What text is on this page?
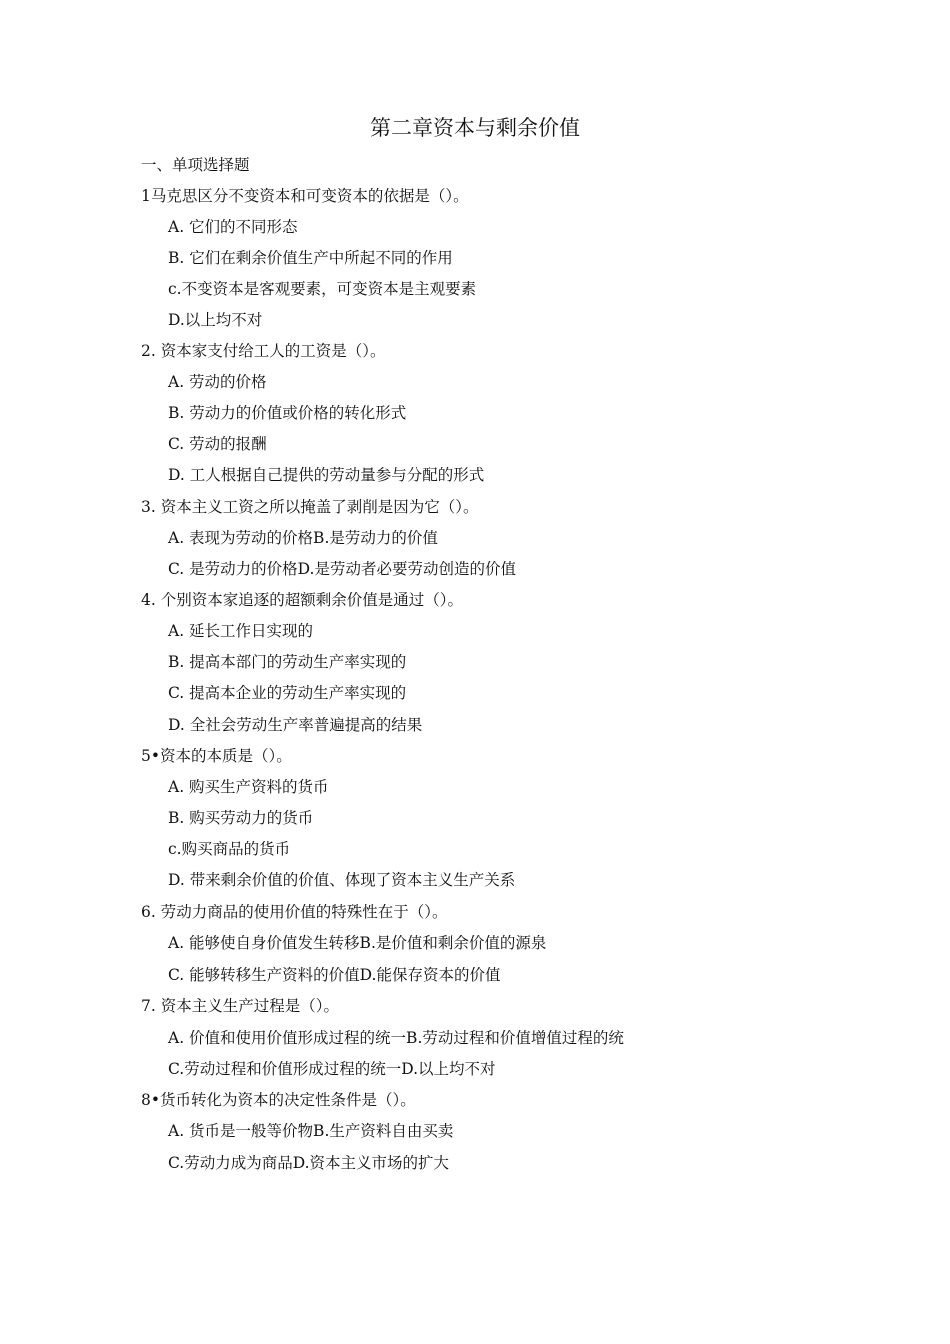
第二章资本与剩余价值
一、单项选择题
1马克思区分不变资本和可变资本的依据是（）。
A. 它们的不同形态
B. 它们在剩余价值生产中所起不同的作用
c.不变资本是客观要素，可变资本是主观要素
D.以上均不对
2. 资本家支付给工人的工资是（）。
A. 劳动的价格
B. 劳动力的价值或价格的转化形式
C. 劳动的报酬
D. 工人根据自己提供的劳动量参与分配的形式
3. 资本主义工资之所以掩盖了剥削是因为它（）。
A. 表现为劳动的价格B.是劳动力的价值
C. 是劳动力的价格D.是劳动者必要劳动创造的价值
4. 个别资本家追逐的超额剩余价值是通过（）。
A. 延长工作日实现的
B. 提高本部门的劳动生产率实现的
C. 提高本企业的劳动生产率实现的
D. 全社会劳动生产率普遍提高的结果
5•资本的本质是（）。
A. 购买生产资料的货币
B. 购买劳动力的货币
c.购买商品的货币
D. 带来剩余价值的价值、体现了资本主义生产关系
6. 劳动力商品的使用价值的特殊性在于（）。
A. 能够使自身价值发生转移B.是价值和剩余价值的源泉
C. 能够转移生产资料的价值D.能保存资本的价值
7. 资本主义生产过程是（）。
A. 价值和使用价值形成过程的统一B.劳动过程和价值增值过程的统
C.劳动过程和价值形成过程的统一D.以上均不对
8•货币转化为资本的决定性条件是（）。
A. 货币是一般等价物B.生产资料自由买卖
C.劳动力成为商品D.资本主义市场的扩大
